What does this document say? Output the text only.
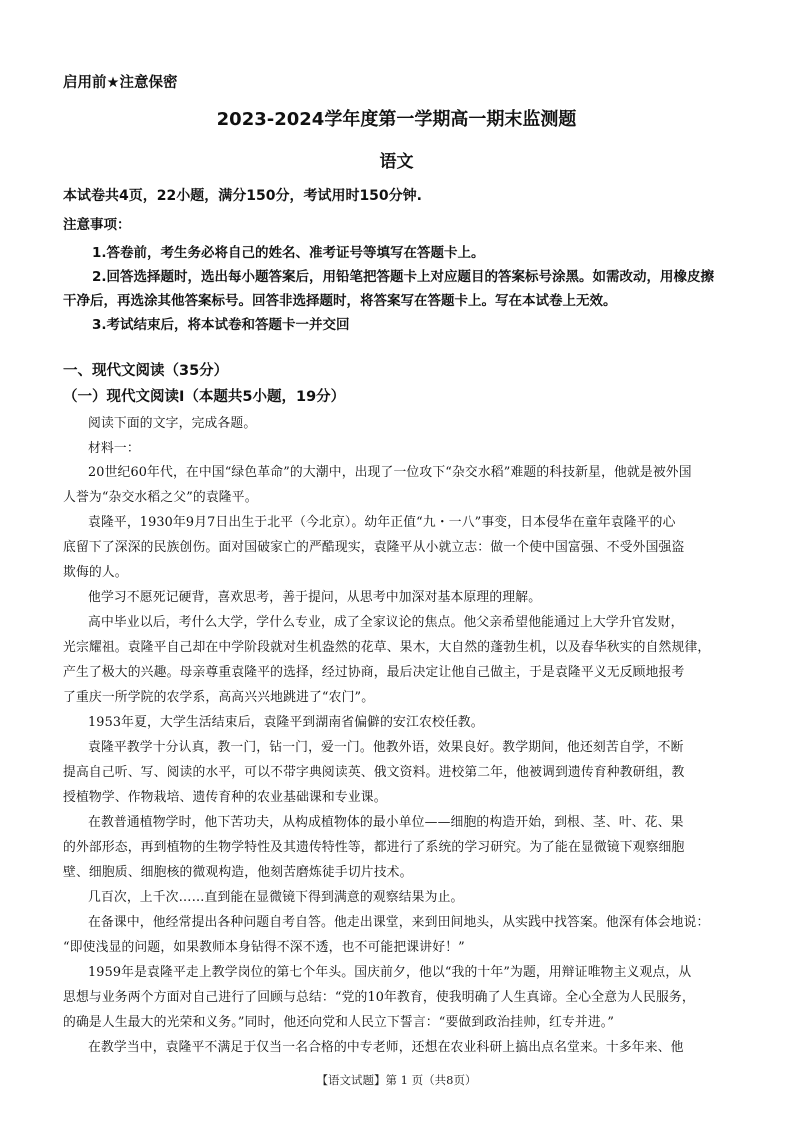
启用前★注意保密
2023-2024学年度第一学期高一期末监测题
语文
本试卷共4页，22小题，满分150分，考试用时150分钟.
注意事项：
1.答卷前，考生务必将自己的姓名、准考证号等填写在答题卡上。
2.回答选择题时，选出每小题答案后，用铅笔把答题卡上对应题目的答案标号涂黑。如需改动，用橡皮擦
干净后，再选涂其他答案标号。回答非选择题时，将答案写在答题卡上。写在本试卷上无效。
3.考试结束后，将本试卷和答题卡一并交回
一、现代文阅读（35分）
（一）现代文阅读I（本题共5小题，19分）
阅读下面的文字，完成各题。
材料一：
20世纪60年代，在中国“绿色革命”的大潮中，出现了一位攻下“杂交水稻”难题的科技新星，他就是被外国
人誉为“杂交水稻之父”的袁隆平。
袁隆平，1930年9月7日出生于北平（今北京）。幼年正值“九・一八”事变，日本侵华在童年袁隆平的心
底留下了深深的民族创伤。面对国破家亡的严酷现实，袁隆平从小就立志：做一个使中国富强、不受外国强盗
欺侮的人。
他学习不愿死记硬背，喜欢思考，善于提问，从思考中加深对基本原理的理解。
高中毕业以后，考什么大学，学什么专业，成了全家议论的焦点。他父亲希望他能通过上大学升官发财，
光宗耀祖。袁隆平自己却在中学阶段就对生机盎然的花草、果木，大自然的蓬勃生机，以及春华秋实的自然规律，
产生了极大的兴趣。母亲尊重袁隆平的选择，经过协商，最后决定让他自己做主，于是袁隆平义无反顾地报考
了重庆一所学院的农学系，高高兴兴地跳进了“农门”。
1953年夏，大学生活结束后，袁隆平到湖南省偏僻的安江农校任教。
袁隆平教学十分认真，教一门，钻一门，爱一门。他教外语，效果良好。教学期间，他还刻苦自学，不断
提高自己听、写、阅读的水平，可以不带字典阅读英、俄文资料。进校第二年，他被调到遗传育种教研组，教
授植物学、作物栽培、遗传育种的农业基础课和专业课。
在教普通植物学时，他下苦功夫，从构成植物体的最小单位——细胞的构造开始，到根、茎、叶、花、果
的外部形态，再到植物的生物学特性及其遗传特性等，都进行了系统的学习研究。为了能在显微镜下观察细胞
壁、细胞质、细胞核的微观构造，他刻苦磨炼徒手切片技术。
几百次，上千次……直到能在显微镜下得到满意的观察结果为止。
在备课中，他经常提出各种问题自考自答。他走出课堂，来到田间地头，从实践中找答案。他深有体会地说：
“即使浅显的问题，如果教师本身钻得不深不透，也不可能把课讲好！”
1959年是袁隆平走上教学岗位的第七个年头。国庆前夕，他以“我的十年”为题，用辩证唯物主义观点，从
思想与业务两个方面对自己进行了回顾与总结：“党的10年教育，使我明确了人生真谛。全心全意为人民服务，
的确是人生最大的光荣和义务。”同时，他还向党和人民立下誓言：“要做到政治挂帅，红专并进。”
在教学当中，袁隆平不满足于仅当一名合格的中专老师，还想在农业科研上搞出点名堂来。十多年来、他
【语文试题】第 1 页（共8页）
